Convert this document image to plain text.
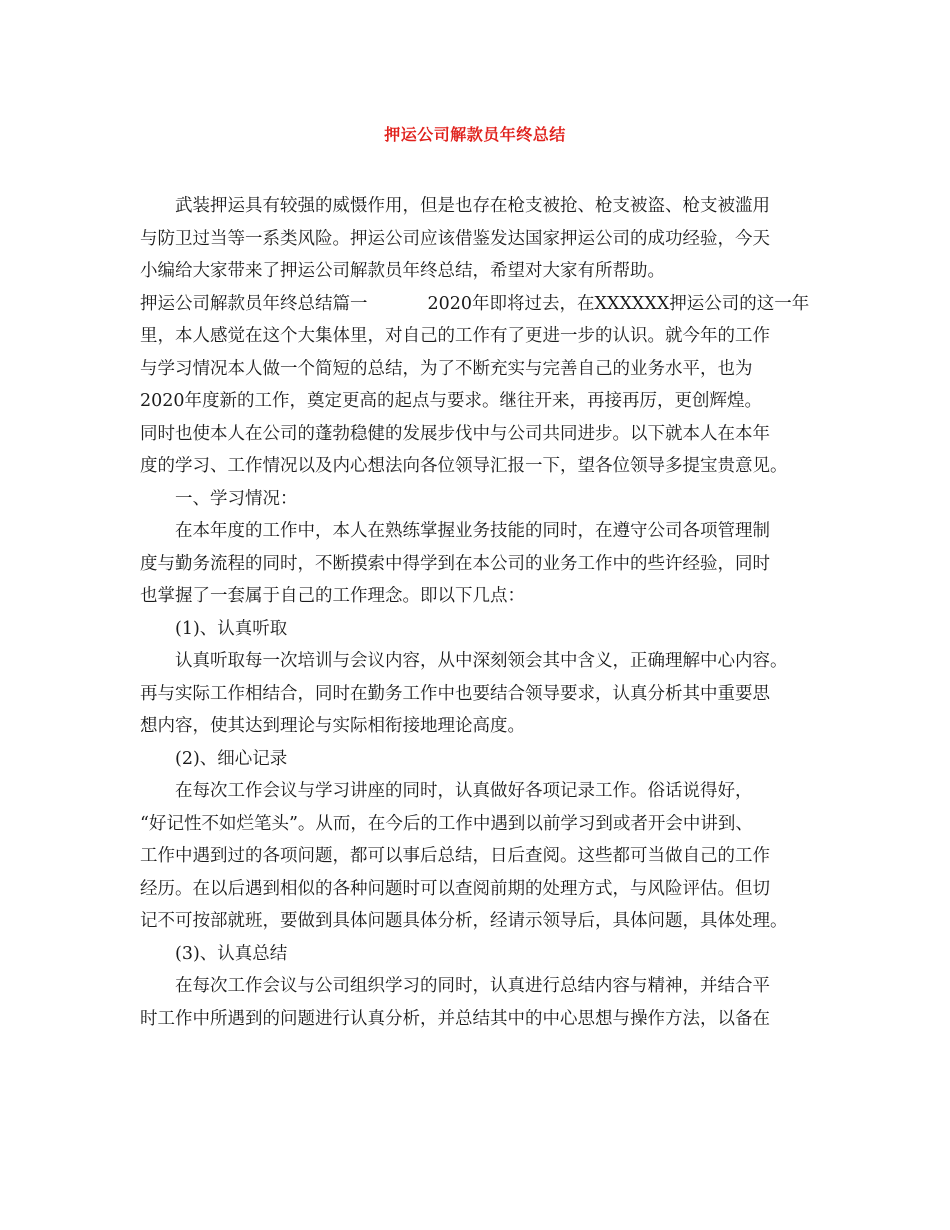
押运公司解款员年终总结
武装押运具有较强的威慑作用，但是也存在枪支被抢、枪支被盗、枪支被滥用
与防卫过当等一系类风险。押运公司应该借鉴发达国家押运公司的成功经验，今天
小编给大家带来了押运公司解款员年终总结，希望对大家有所帮助。
押运公司解款员年终总结篇一	2020年即将过去，在XXXXXX押运公司的这一年
里，本人感觉在这个大集体里，对自己的工作有了更进一步的认识。就今年的工作
与学习情况本人做一个简短的总结，为了不断充实与完善自己的业务水平，也为
2020年度新的工作，奠定更高的起点与要求。继往开来，再接再厉，更创辉煌。
同时也使本人在公司的蓬勃稳健的发展步伐中与公司共同进步。以下就本人在本年
度的学习、工作情况以及内心想法向各位领导汇报一下，望各位领导多提宝贵意见。
一、学习情况：
在本年度的工作中，本人在熟练掌握业务技能的同时，在遵守公司各项管理制
度与勤务流程的同时，不断摸索中得学到在本公司的业务工作中的些许经验，同时
也掌握了一套属于自己的工作理念。即以下几点：
(1)、认真听取
认真听取每一次培训与会议内容，从中深刻领会其中含义，正确理解中心内容。
再与实际工作相结合，同时在勤务工作中也要结合领导要求，认真分析其中重要思
想内容，使其达到理论与实际相衔接地理论高度。
(2)、细心记录
在每次工作会议与学习讲座的同时，认真做好各项记录工作。俗话说得好，
“好记性不如烂笔头”。从而，在今后的工作中遇到以前学习到或者开会中讲到、
工作中遇到过的各项问题，都可以事后总结，日后查阅。这些都可当做自己的工作
经历。在以后遇到相似的各种问题时可以查阅前期的处理方式，与风险评估。但切
记不可按部就班，要做到具体问题具体分析，经请示领导后，具体问题，具体处理。
(3)、认真总结
在每次工作会议与公司组织学习的同时，认真进行总结内容与精神，并结合平
时工作中所遇到的问题进行认真分析，并总结其中的中心思想与操作方法，以备在
